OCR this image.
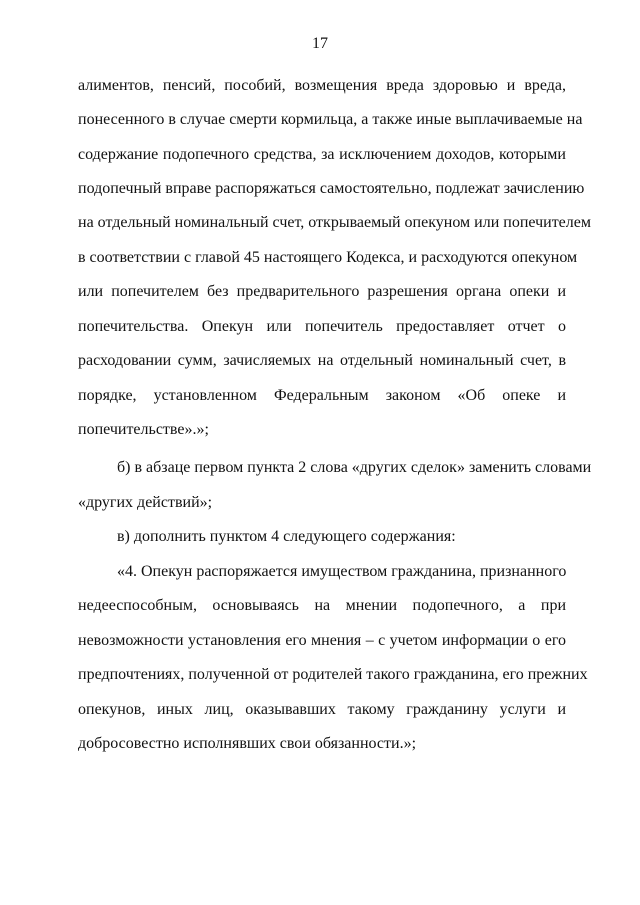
17
алиментов, пенсий, пособий, возмещения вреда здоровью и вреда,
понесенного в случае смерти кормильца, а также иные выплачиваемые на
содержание подопечного средства, за исключением доходов, которыми
подопечный вправе распоряжаться самостоятельно, подлежат зачислению
на отдельный номинальный счет, открываемый опекуном или попечителем
в соответствии с главой 45 настоящего Кодекса, и расходуются опекуном
или попечителем без предварительного разрешения органа опеки и
попечительства. Опекун или попечитель предоставляет отчет о
расходовании сумм, зачисляемых на отдельный номинальный счет, в
порядке, установленном Федеральным законом «Об опеке и
попечительстве».»;
б) в абзаце первом пункта 2 слова «других сделок» заменить словами
«других действий»;
в) дополнить пунктом 4 следующего содержания:
«4. Опекун распоряжается имуществом гражданина, признанного
недееспособным, основываясь на мнении подопечного, а при
невозможности установления его мнения – с учетом информации о его
предпочтениях, полученной от родителей такого гражданина, его прежних
опекунов, иных лиц, оказывавших такому гражданину услуги и
добросовестно исполнявших свои обязанности.»;
